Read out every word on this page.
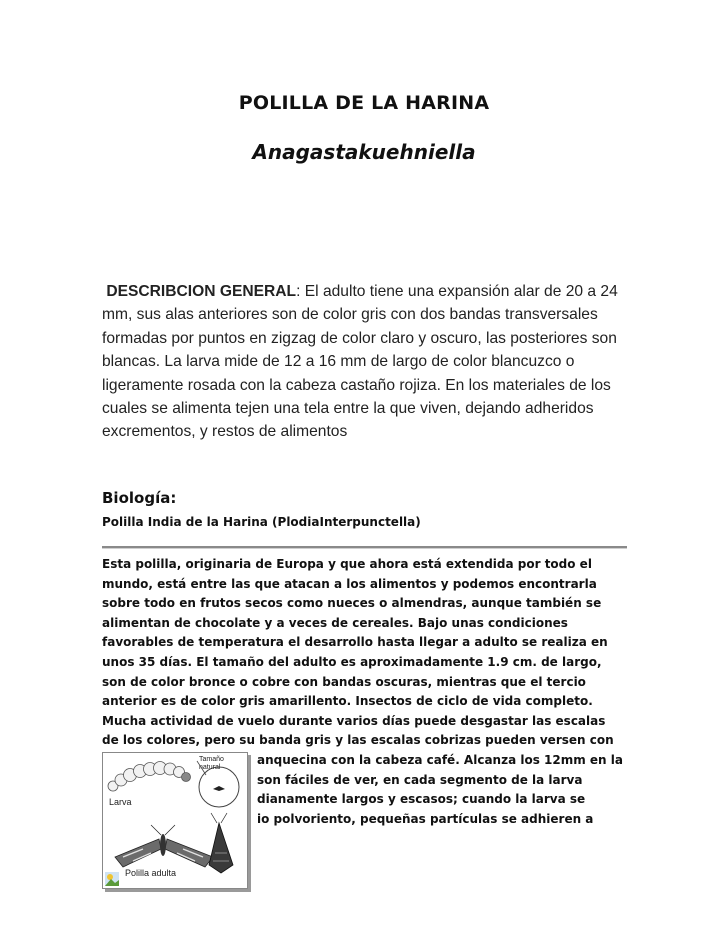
POLILLA DE LA HARINA
Anagastakuehniella
DESCRIBCION GENERAL: El adulto tiene una expansión alar de 20 a 24 mm, sus alas anteriores son de color gris con dos bandas transversales formadas por puntos en zigzag de color claro y oscuro, las posteriores son blancas. La larva mide de 12 a 16 mm de largo de color blancuzco o ligeramente rosada con la cabeza castaño rojiza. En los materiales de los cuales se alimenta tejen una tela entre la que viven, dejando adheridos excrementos, y restos de alimentos
Biología:
Polilla India de la Harina (PlodiaInterpunctella)
Esta polilla, originaria de Europa y que ahora está extendida por todo el
mundo, está entre las que atacan a los alimentos y podemos encontrarla
sobre todo en frutos secos como nueces o almendras, aunque también se
alimentan de chocolate y a veces de cereales. Bajo unas condiciones
favorables de temperatura el desarrollo hasta llegar a adulto se realiza en
unos 35 días. El tamaño del adulto es aproximadamente 1.9 cm. de largo,
son de color bronce o cobre con bandas oscuras, mientras que el tercio
anterior es de color gris amarillento. Insectos de ciclo de vida completo.
Mucha actividad de vuelo durante varios días puede desgastar las escalas
de los colores, pero su banda gris y las escalas cobrizas pueden versen con
anquecina con la cabeza café. Alcanza los 12mm en la
son fáciles de ver, en cada segmento de la larva
dianamente largos y escasos; cuando la larva se
io polvoriento, pequeñas partículas se adhieren a
Larva
Polilla adulta
Tamaño natural
